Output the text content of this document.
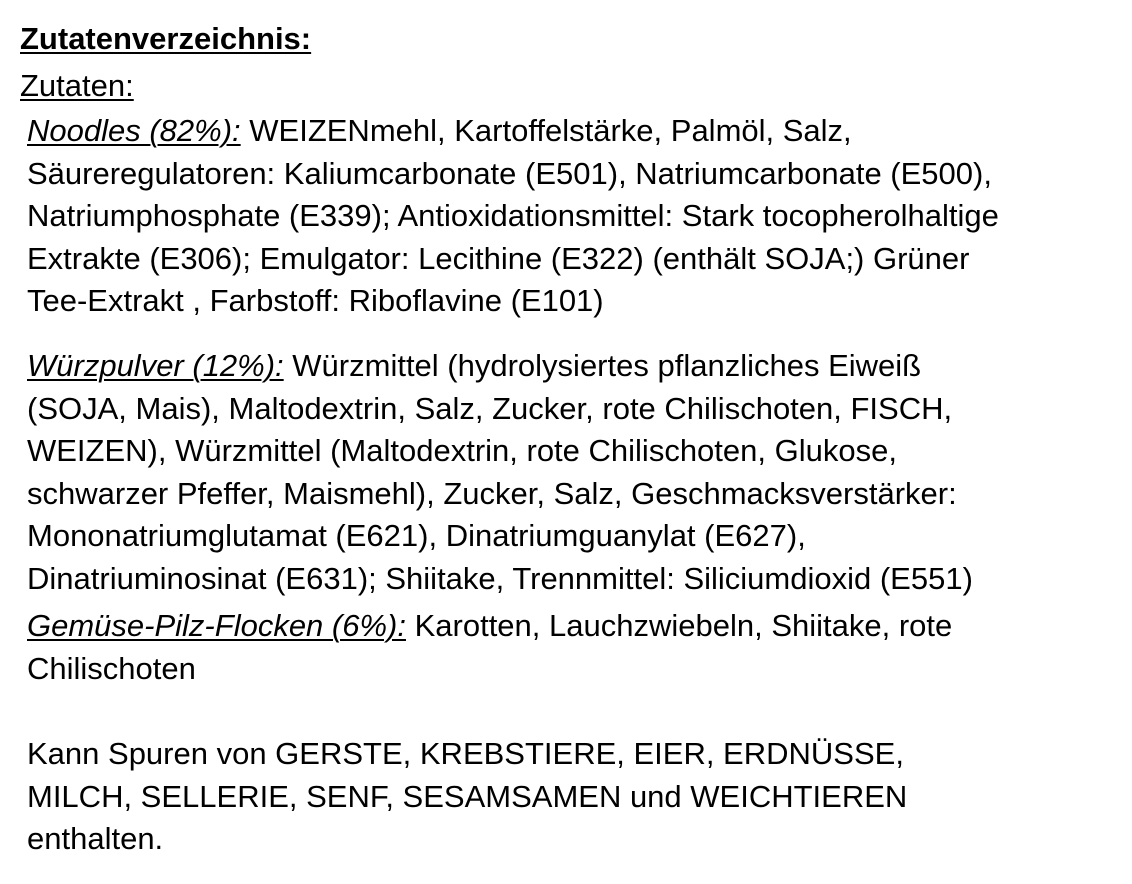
Zutatenverzeichnis:
Zutaten:
Noodles (82%): WEIZENmehl, Kartoffelstärke, Palmöl, Salz,
Säureregulatoren: Kaliumcarbonate (E501), Natriumcarbonate (E500),
Natriumphosphate (E339); Antioxidationsmittel: Stark tocopherolhaltige
Extrakte (E306); Emulgator: Lecithine (E322) (enthält SOJA;) Grüner
Tee-Extrakt , Farbstoff: Riboflavine (E101)
Würzpulver (12%): Würzmittel (hydrolysiertes pflanzliches Eiweiß
(SOJA, Mais), Maltodextrin, Salz, Zucker, rote Chilischoten, FISCH,
WEIZEN), Würzmittel (Maltodextrin, rote Chilischoten, Glukose,
schwarzer Pfeffer, Maismehl), Zucker, Salz, Geschmacksverstärker:
Mononatriumglutamat (E621), Dinatriumguanylat (E627),
Dinatriuminosinat (E631); Shiitake, Trennmittel: Siliciumdioxid (E551)
Gemüse-Pilz-Flocken (6%): Karotten, Lauchzwiebeln, Shiitake, rote
Chilischoten
Kann Spuren von GERSTE, KREBSTIERE, EIER, ERDNÜSSE,
MILCH, SELLERIE, SENF, SESAMSAMEN und WEICHTIEREN
enthalten.
